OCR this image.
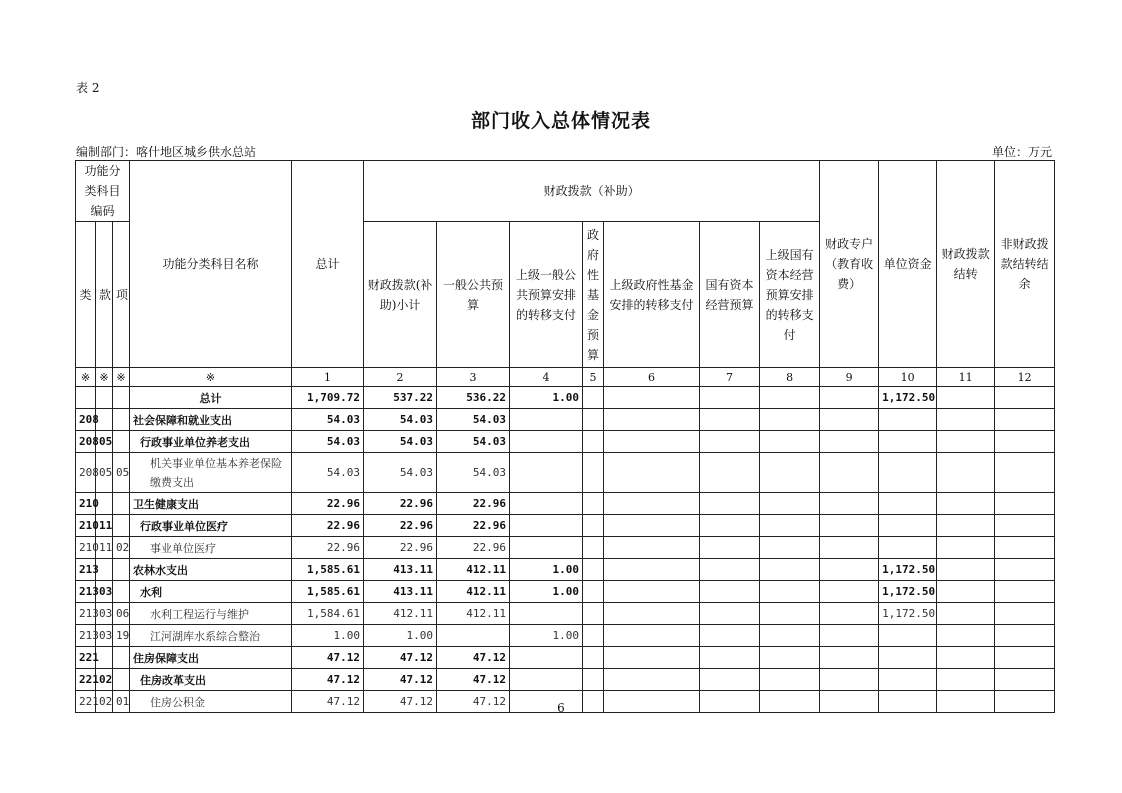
表 2
部门收入总体情况表
编制部门：喀什地区城乡供水总站	单位：万元
功能分类科目编码			功能分类科目名称	总计	财政拨款（补助）							财政专户（教育收费）	单位资金	财政拨款结转	非财政拨款结转结余
类	款	项			财政拨款(补助)小计	一般公共预算	上级一般公共预算安排的转移支付	政府性基金预算	上级政府性基金安排的转移支付	国有资本经营预算	上级国有资本经营预算安排的转移支付				
※	※	※	※	1	2	3	4	5	6	7	8	9	10	11	12
			总计	1,709.72	537.22	536.22	1.00						1,172.50		
208			社会保障和就业支出	54.03	54.03	54.03									
208	05		行政事业单位养老支出	54.03	54.03	54.03									
208	05	05	机关事业单位基本养老保险缴费支出	54.03	54.03	54.03									
210			卫生健康支出	22.96	22.96	22.96									
210	11		行政事业单位医疗	22.96	22.96	22.96									
210	11	02	事业单位医疗	22.96	22.96	22.96									
213			农林水支出	1,585.61	413.11	412.11	1.00						1,172.50		
213	03		水利	1,585.61	413.11	412.11	1.00						1,172.50		
213	03	06	水利工程运行与维护	1,584.61	412.11	412.11							1,172.50		
213	03	19	江河湖库水系综合整治	1.00	1.00		1.00								
221			住房保障支出	47.12	47.12	47.12									
221	02		住房改革支出	47.12	47.12	47.12									
221	02	01	住房公积金	47.12	47.12	47.12										6
